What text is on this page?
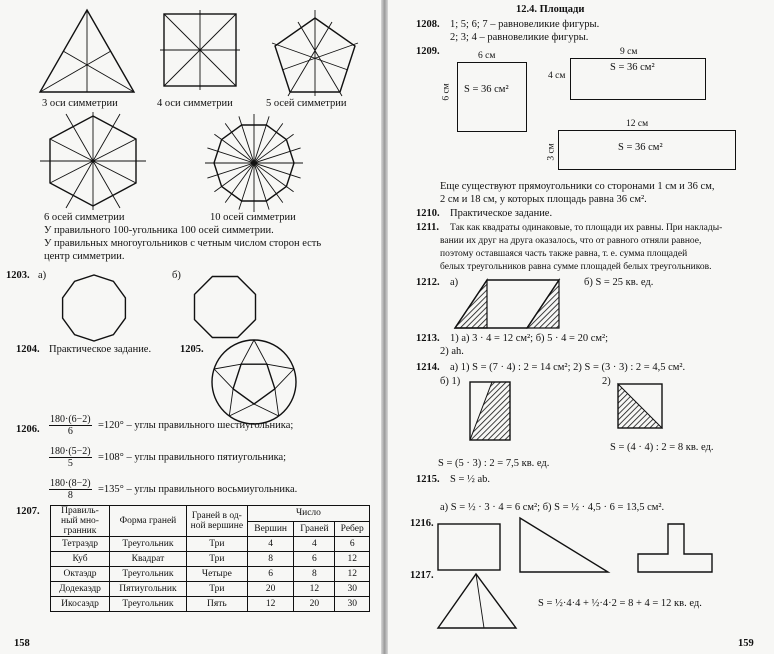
3 оси симметрии	4 оси симметрии	5 осей симметрии
6 осей симметрии	10 осей симметрии
У правильного 100-угольника 100 осей симметрии.
У правильных многоугольников с четным числом сторон есть
центр симметрии.
1203. а)	б)
1204. Практическое задание.	1205.
1206. $\frac{180\cdot(6-2)}{6} =120^\circ$ – углы правильного шестиугольника;
$\frac{180\cdot(5-2)}{5} =108^\circ$ – углы правильного пятиугольника;
$\frac{180\cdot(8-2)}{8} =135^\circ$ – углы правильного восьмиугольника.
1207. Правиль-ный мно-гранник	Форма граней	Граней в од-ной вершине	Число		
			Вершин	Граней	Ребер
Тетраэдр	Треугольник	Три	4	4	6
Куб	Квадрат	Три	8	6	12
Октаэдр	Треугольник	Четыре	6	8	12
Додекаэдр	Пятиугольник	Три	20	12	30
Икосаэдр	Треугольник	Пять	12	20	30
158
12.4. Площади
1208. 1; 5; 6; 7 – равновеликие фигуры.
2; 3; 4 – равновеликие фигуры.
1209.	6 см
6 см S = 36 см²
9 см
4 см
S = 36 см²
12 см
3 см	S = 36 см²
Еще существуют прямоугольники со сторонами 1 см и 36 см,
2 см и 18 см, у которых площадь равна 36 см².
1210. Практическое задание.
1211. Так как квадраты одинаковые, то площади их равны. При наклады-
вании их друг на друга оказалось, что от равного отняли равное,
поэтому оставшаяся часть также равна, т. е. сумма площадей
белых треугольников равна сумме площадей белых треугольников.
1212. а)	б) S = 25 кв. ед.
1213. 1) а) 3 · 4 = 12 см²; б) 5 · 4 = 20 см²;
2) ah.
1214. а) 1) S = (7 · 4) : 2 = 14 см²; 2) S = (3 · 3) : 2 = 4,5 см².
б) 1)	2)
S = (4 · 4) : 2 = 8 кв. ед.
S = (5 · 3) : 2 = 7,5 кв. ед.
1215. S = ½ ab.
а) S = ½ · 3 · 4 = 6 см²; б) S = ½ · 4,5 · 6 = 13,5 см².
1216.
1217.
S = ½·4·4 + ½·4·2 = 8 + 4 = 12 кв. ед.
159
